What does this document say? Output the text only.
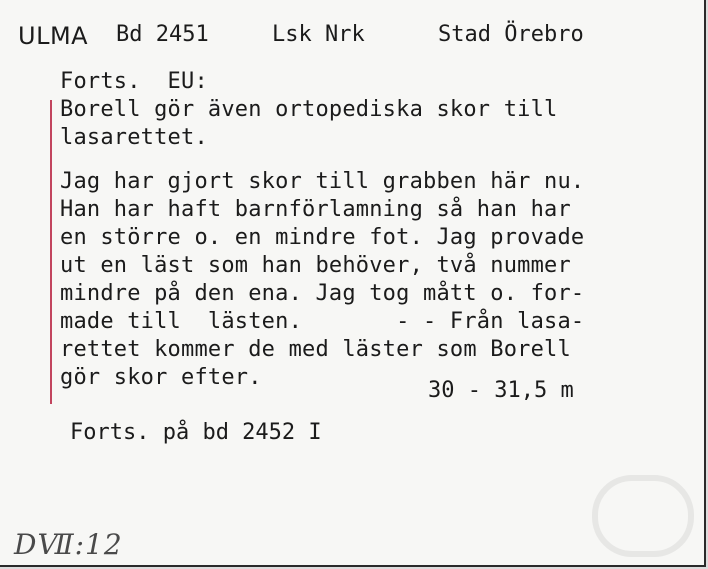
ULMA Bd 2451	Lsk Nrk	Stad Örebro
Forts.  EU:
Borell gör även ortopediska skor till
lasarettet.
Jag har gjort skor till grabben här nu.
Han har haft barnförlamning så han har
en större o. en mindre fot. Jag provade
ut en läst som han behöver, två nummer
mindre på den ena. Jag tog mått o. for-
made till  lästen.       - - Från lasa-
rettet kommer de med läster som Borell
gör skor efter.
30 - 31,5 m
Forts. på bd 2452 I
DⅦ:12
